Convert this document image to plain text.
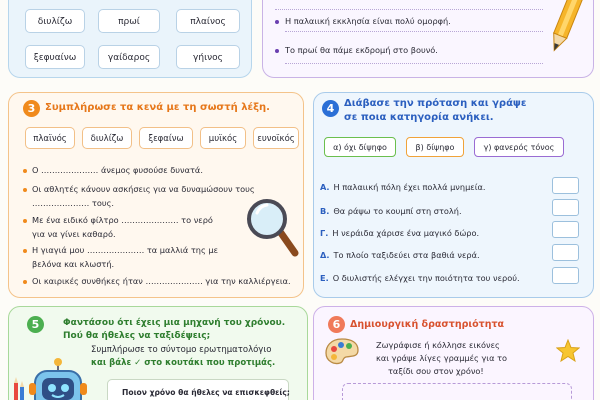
διυλίζω	πρωί	πλαίνος
ξεφυαίνω	γαίδαρος	γήινος
Η παλαιική εκκλησία είναι πολύ ομορφή.
Το πρωί θα πάμε εκδρομή στο βουνό.
3 Συμπλήρωσε τα κενά με τη σωστή λέξη.
πλαϊνός	διυλίζω	ξεφαίνω	μυϊκός	ευνοϊκός
Ο ………………… άνεμος φυσούσε δυνατά.
Οι αθλητές κάνουν ασκήσεις για να δυναμώσουν τους
………………… τους.
Με ένα ειδικό φίλτρο ………………… το νερό
για να γίνει καθαρό.
Η γιαγιά μου ………………… τα μαλλιά της με
βελόνα και κλωστή.
Οι καιρικές συνθήκες ήταν ………………… για την καλλιέργεια.
4 Διάβασε την πρόταση και γράψε
σε ποια κατηγορία ανήκει.
α) όχι δίψηφο	β) δίψηφο	γ) φανερός τόνος
Α. Η παλαιική πόλη έχει πολλά μνημεία.
Β. Θα ράψω το κουμπί στη στολή.
Γ. Η νεράιδα χάρισε ένα μαγικό δώρο.
Δ. Το πλοίο ταξιδεύει στα βαθιά νερά.
Ε. Ο διυλιστής ελέγχει την ποιότητα του νερού.
5	Φαντάσου ότι έχεις μια μηχανή του χρόνου.
Πού θα ήθελες να ταξιδέψεις;
Συμπλήρωσε το σύντομο ερωτηματολόγιο
και βάλε ✓ στο κουτάκι που προτιμάς.
Ποιον χρόνο θα ήθελες να επισκεφθείς;
6	Δημιουργική δραστηριότητα
Ζωγράφισε ή κόλλησε εικόνες
και γράψε λίγες γραμμές για το
ταξίδι σου στον χρόνο!
